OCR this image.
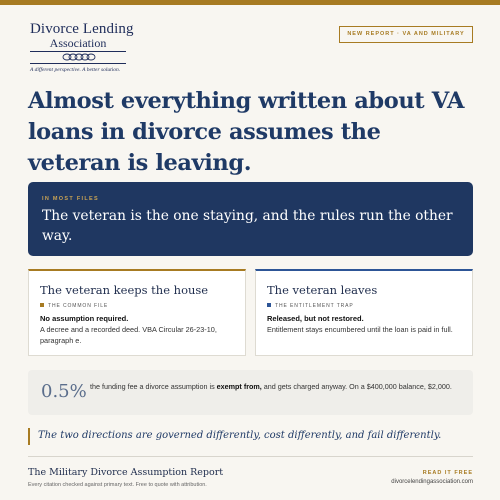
Divorce Lending
Association
A different perspective. A better solution.
NEW REPORT · VA AND MILITARY
Almost everything written about VA loans in divorce assumes the veteran is leaving.
IN MOST FILES
The veteran is the one staying, and the rules run the other way.
The veteran keeps the house
THE COMMON FILE
No assumption required.
A decree and a recorded deed. VBA Circular 26-23-10, paragraph e.
The veteran leaves
THE ENTITLEMENT TRAP
Released, but not restored.
Entitlement stays encumbered until the loan is paid in full.
0.5% the funding fee a divorce assumption is exempt from, and gets charged anyway. On a $400,000 balance, $2,000.
The two directions are governed differently, cost differently, and fail differently.
The Military Divorce Assumption Report
Every citation checked against primary text. Free to quote with attribution.
READ IT FREE
divorcelendingassociation.com
